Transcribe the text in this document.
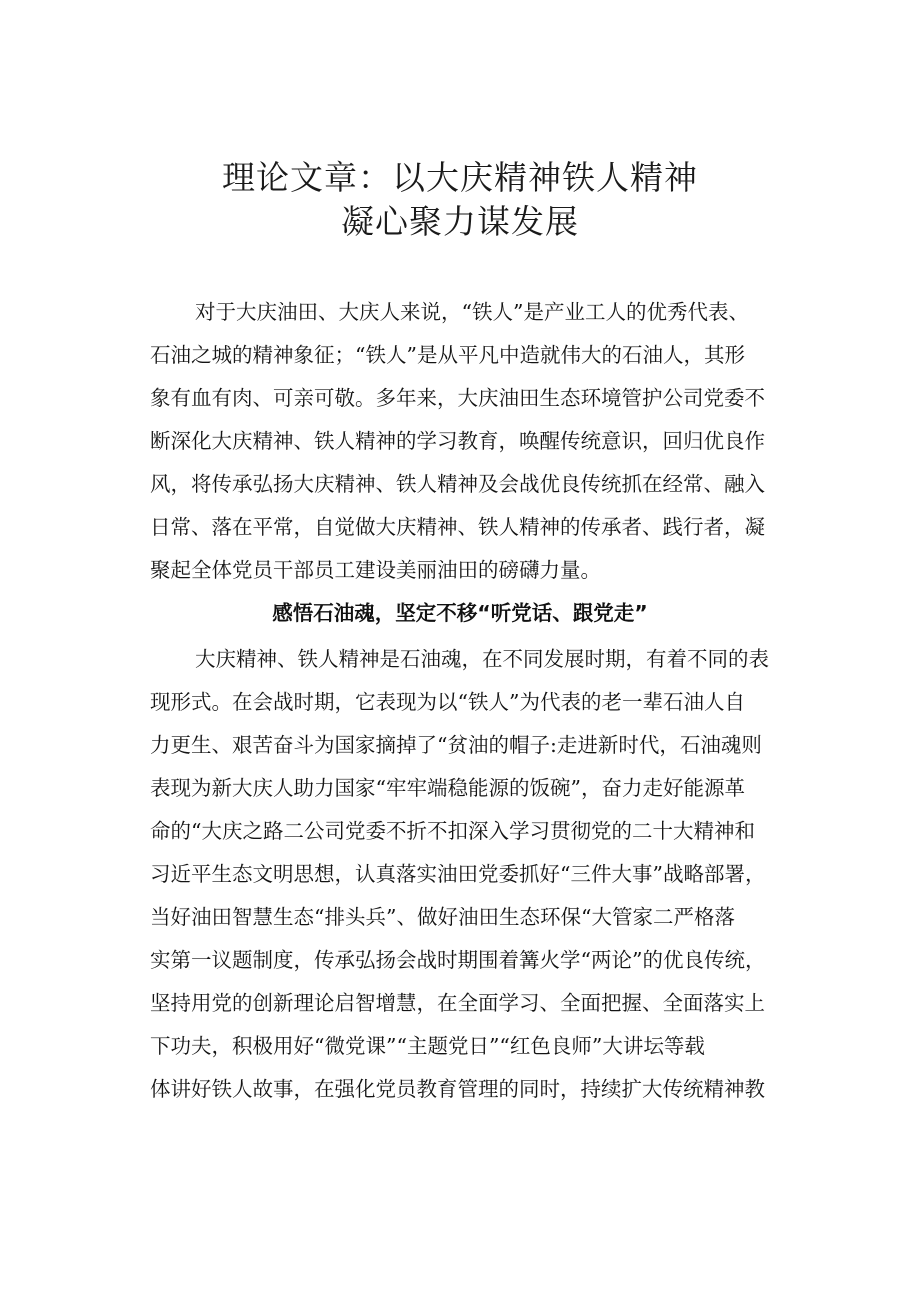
理论文章：以大庆精神铁人精神
凝心聚力谋发展
对于大庆油田、大庆人来说，“铁人”是产业工人的优秀代表、
石油之城的精神象征；“铁人”是从平凡中造就伟大的石油人，其形
象有血有肉、可亲可敬。多年来，大庆油田生态环境管护公司党委不
断深化大庆精神、铁人精神的学习教育，唤醒传统意识，回归优良作
风，将传承弘扬大庆精神、铁人精神及会战优良传统抓在经常、融入
日常、落在平常，自觉做大庆精神、铁人精神的传承者、践行者，凝
聚起全体党员干部员工建设美丽油田的磅礴力量。
感悟石油魂，坚定不移“听党话、跟党走”
大庆精神、铁人精神是石油魂，在不同发展时期，有着不同的表
现形式。在会战时期，它表现为以“铁人”为代表的老一辈石油人自
力更生、艰苦奋斗为国家摘掉了“贫油的帽子:走进新时代，石油魂则
表现为新大庆人助力国家“牢牢端稳能源的饭碗”，奋力走好能源革
命的“大庆之路二公司党委不折不扣深入学习贯彻党的二十大精神和
习近平生态文明思想，认真落实油田党委抓好“三件大事”战略部署，
当好油田智慧生态“排头兵”、做好油田生态环保“大管家二严格落
实第一议题制度，传承弘扬会战时期围着篝火学“两论”的优良传统，
坚持用党的创新理论启智增慧，在全面学习、全面把握、全面落实上
下功夫，积极用好“微党课”“主题党日”“红色良师”大讲坛等载
体讲好铁人故事，在强化党员教育管理的同时，持续扩大传统精神教
